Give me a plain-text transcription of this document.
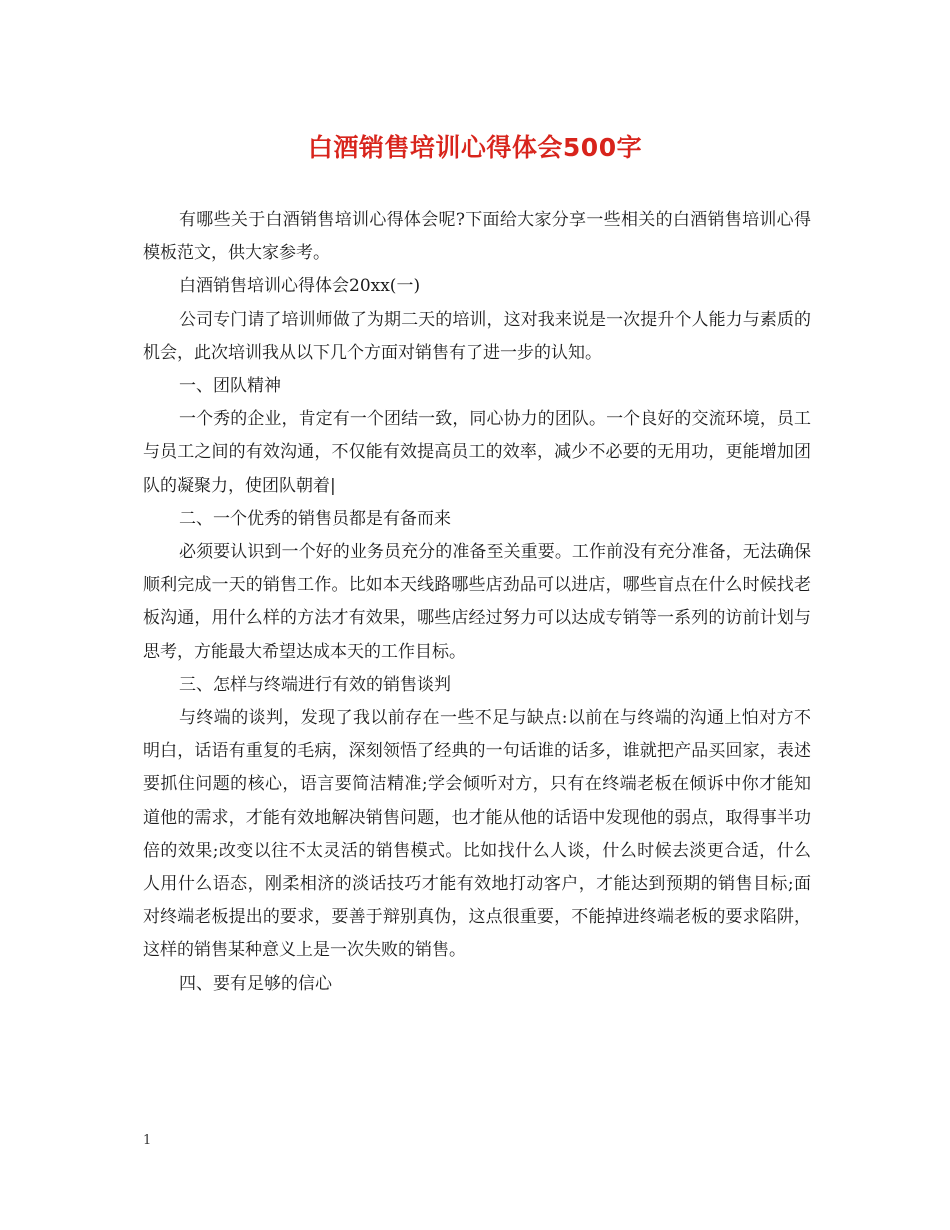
白酒销售培训心得体会500字

有哪些关于白酒销售培训心得体会呢?下面给大家分享一些相关的白酒销售培训心得模板范文，供大家参考。

白酒销售培训心得体会20xx(一)

公司专门请了培训师做了为期二天的培训，这对我来说是一次提升个人能力与素质的机会，此次培训我从以下几个方面对销售有了进一步的认知。

一、团队精神

一个秀的企业，肯定有一个团结一致，同心协力的团队。一个良好的交流环境，员工与员工之间的有效沟通，不仅能有效提高员工的效率，减少不必要的无用功，更能增加团队的凝聚力，使团队朝着|

二、一个优秀的销售员都是有备而来

必须要认识到一个好的业务员充分的准备至关重要。工作前没有充分准备，无法确保顺利完成一天的销售工作。比如本天线路哪些店劲品可以进店，哪些盲点在什么时候找老板沟通，用什么样的方法才有效果，哪些店经过努力可以达成专销等一系列的访前计划与思考，方能最大希望达成本天的工作目标。

三、怎样与终端进行有效的销售谈判

与终端的谈判，发现了我以前存在一些不足与缺点:以前在与终端的沟通上怕对方不明白，话语有重复的毛病，深刻领悟了经典的一句话谁的话多，谁就把产品买回家，表述要抓住问题的核心，语言要简洁精准;学会倾听对方，只有在终端老板在倾诉中你才能知道他的需求，才能有效地解决销售问题，也才能从他的话语中发现他的弱点，取得事半功倍的效果;改变以往不太灵活的销售模式。比如找什么人谈，什么时候去淡更合适，什么人用什么语态，刚柔相济的淡话技巧才能有效地打动客户，才能达到预期的销售目标;面对终端老板提出的要求，要善于辩别真伪，这点很重要，不能掉进终端老板的要求陷阱，这样的销售某种意义上是一次失败的销售。

四、要有足够的信心

1
